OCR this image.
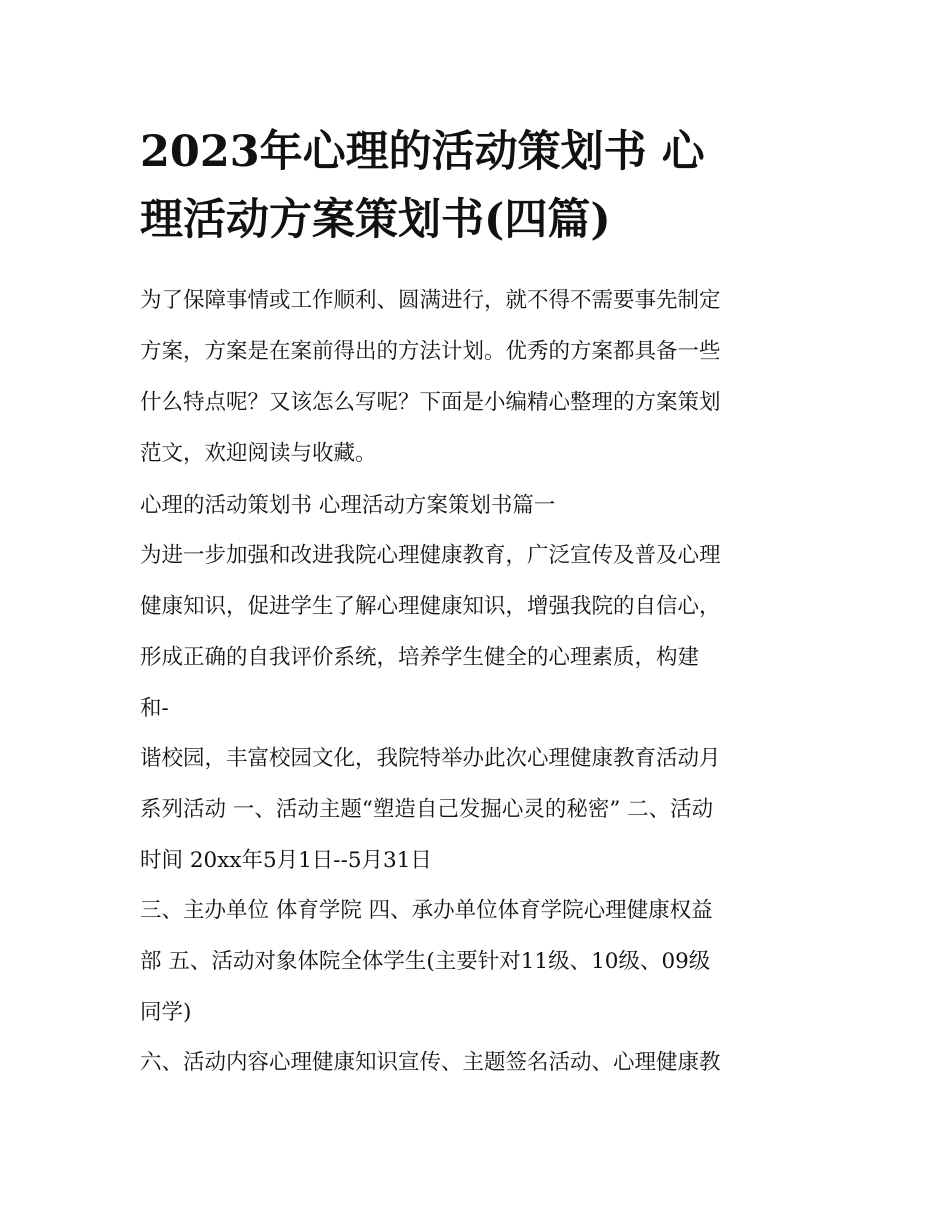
2023年心理的活动策划书 心
理活动方案策划书(四篇)

为了保障事情或工作顺利、圆满进行，就不得不需要事先制定
方案，方案是在案前得出的方法计划。优秀的方案都具备一些
什么特点呢？又该怎么写呢？下面是小编精心整理的方案策划
范文，欢迎阅读与收藏。

心理的活动策划书 心理活动方案策划书篇一

为进一步加强和改进我院心理健康教育，广泛宣传及普及心理
健康知识，促进学生了解心理健康知识，增强我院的自信心，
形成正确的自我评价系统，培养学生健全的心理素质，构建
和-

谐校园，丰富校园文化，我院特举办此次心理健康教育活动月
系列活动 一、活动主题“塑造自己发掘心灵的秘密” 二、活动
时间 20xx年5月1日--5月31日

三、主办单位 体育学院 四、承办单位体育学院心理健康权益
部 五、活动对象体院全体学生(主要针对11级、10级、09级
同学)

六、活动内容心理健康知识宣传、主题签名活动、心理健康教
